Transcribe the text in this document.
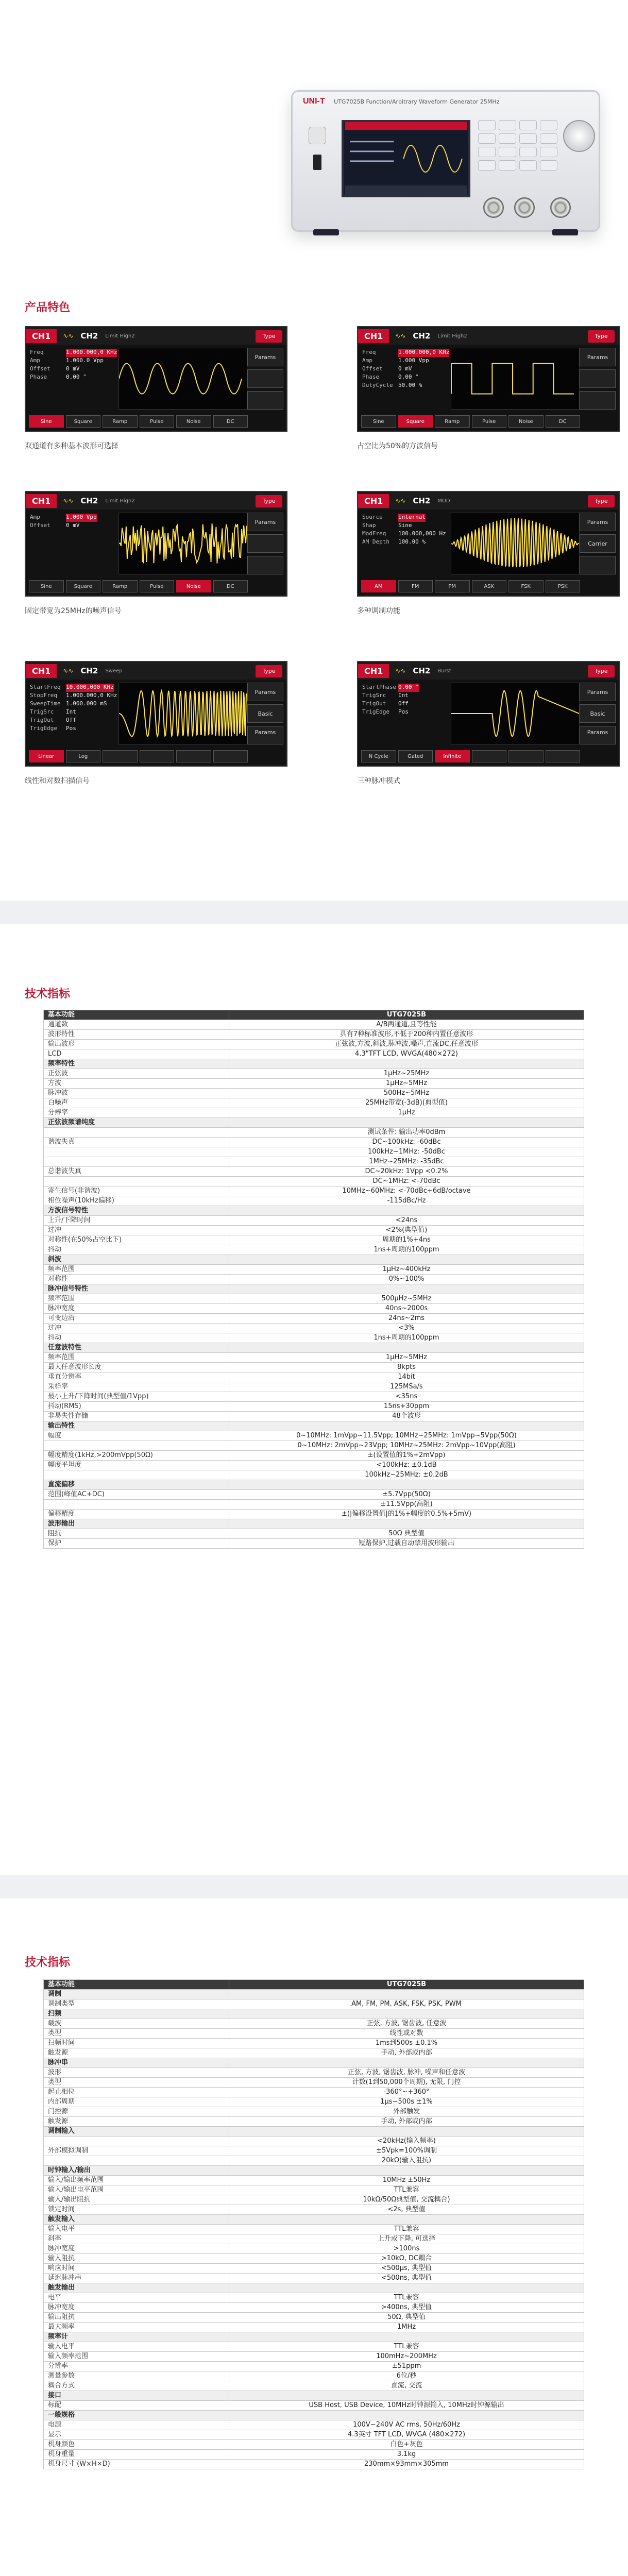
UNI-T UTG7025B Function/Arbitrary Waveform Generator 25MHz
产品特色
CH1	∿∿ CH2 Limit High2	Type
Params
Freq	1.000.000,0 KHz
Amp	1.000.0 Vpp
Offset	0 mV
Phase	0.00 °
Sine	Square	Ramp	Pulse	Noise	DC
双通道有多种基本波形可选择
CH1	∿∿ CH2 Limit High2	Type
Params
Freq	1.000.000,0 KHz
Amp	1.000 Vpp
Offset	0 mV
Phase	0.00 °
DutyCycle 50.00 %
Sine	Square	Ramp	Pulse	Noise	DC
占空比为50%的方波信号
CH1	∿∿ CH2 Limit High2	Type
Params
Amp	1.000 Vpp
Offset	0 mV
Sine	Square	Ramp	Pulse	Noise	DC
固定带宽为25MHz的噪声信号
CH1	∿∿ CH2 MOD	Type
Params
Carrier
Source	Internal
Shap	Sine
ModFreq	100.000,000 Hz
AM Depth	100.00 %
AM	FM	PM	ASK	FSK	PSK
多种调制功能
CH1	∿∿ CH2 Sweep	Type
Params
Basic Params
StartFreq 10.000,000 KHz
StopFreq	1.000.000,0 KHz
SweepTime 1.000.000 mS
TrigSrc	Int
TrigOut	Off
TrigEdge	Pos
Linear	Log
线性和对数扫描信号
CH1	∿∿ CH2 Burst	Type
Params
Basic Params
StartPhase 0.00 °
TrigSrc	Int
TrigOut	Off
TrigEdge	Pos
N Cycle	Gated	Infinite
三种脉冲模式
技术指标
基本功能	UTG7025B
通道数	A/B两通道,且等性能
波形特性	具有7种标准波形,不低于200种内置任意波形
输出波形	正弦波,方波,斜波,脉冲波,噪声,直流DC,任意波形
LCD	4.3"TFT LCD, WVGA(480×272)
频率特性	
正弦波	1μHz~25MHz
方波	1μHz~5MHz
脉冲波	500Hz~5MHz
白噪声	25MHz带宽(-3dB)(典型值)
分辨率	1μHz
正弦波频谱纯度	
	测试条件: 输出功率0dBm
谐波失真	DC~100kHz: -60dBc
	100kHz~1MHz: -50dBc
	1MHz~25MHz: -35dBc
总谐波失真	DC~20kHz: 1Vpp <0.2%
	DC~1MHz: <-70dBc
寄生信号(非谐波)	10MHz~60MHz: <-70dBc+6dB/octave
相位噪声(10kHz偏移)	-115dBc/Hz
方波信号特性	
上升/下降时间	<24ns
过冲	<2%(典型值)
对称性(在50%占空比下)	周期的1%+4ns
抖动	1ns+周期的100ppm
斜波	
频率范围	1μHz~400kHz
对称性	0%~100%
脉冲信号特性	
频率范围	500μHz~5MHz
脉冲宽度	40ns~2000s
可变边沿	24ns~2ms
过冲	<3%
抖动	1ns+周期的100ppm
任意波特性	
频率范围	1μHz~5MHz
最大任意波形长度	8kpts
垂直分辨率	14bit
采样率	125MSa/s
最小上升/下降时间(典型值/1Vpp)	<35ns
抖动(RMS)	15ns+30ppm
非易失性存储	48个波形
输出特性	
幅度	0~10MHz: 1mVpp~11.5Vpp; 10MHz~25MHz: 1mVpp~5Vpp(50Ω)
	0~10MHz: 2mVpp~23Vpp; 10MHz~25MHz: 2mVpp~10Vpp(高阻)
幅度精度(1kHz,>200mVpp(50Ω)	±(设置值的1%+2mVpp)
幅度平坦度	<100kHz: ±0.1dB
	100kHz~25MHz: ±0.2dB
直流偏移	
范围(峰值AC+DC)	±5.7Vpp(50Ω)
	±11.5Vpp(高阻)
偏移精度	±(|偏移设置值|的1%+幅度的0.5%+5mV)
波形输出	
阻抗	50Ω 典型值
保护	短路保护,过载自动禁用波形输出
技术指标
基本功能	UTG7025B
调制	
调制类型	AM, FM, PM, ASK, FSK, PSK, PWM
扫频	
载波	正弦, 方波, 锯齿波, 任意波
类型	线性或对数
扫频时间	1ms到500s ±0.1%
触发源	手动, 外部或内部
脉冲串	
波形	正弦, 方波, 锯齿波, 脉冲, 噪声和任意波
类型	计数(1到50,000个周期), 无限, 门控
起止相位	-360°~+360°
内部周期	1μs~500s ±1%
门控源	外部触发
触发源	手动, 外部或内部
调制输入	
	<20kHz(输入频率)
外部模拟调制	±5Vpk=100%调制
	20kΩ(输入阻抗)
时钟输入/输出	
输入/输出频率范围	10MHz ±50Hz
输入/输出电平范围	TTL兼容
输入/输出阻抗	10kΩ/50Ω典型值, 交流耦合)
锁定时间	<2s, 典型值
触发输入	
输入电平	TTL兼容
斜率	上升或下降, 可选择
脉冲宽度	>100ns
输入阻抗	>10kΩ, DC耦合
响应时间	<500μs, 典型值
延迟脉冲串	<500ns, 典型值
触发输出	
电平	TTL兼容
脉冲宽度	>400ns, 典型值
输出阻抗	50Ω, 典型值
最大频率	1MHz
频率计	
输入电平	TTL兼容
输入频率范围	100mHz~200MHz
分辨率	±51ppm
测量参数	6位/秒
耦合方式	直流, 交流
接口	
标配	USB Host, USB Device, 10MHz时钟源输入, 10MHz时钟源输出
一般规格	
电源	100V~240V AC rms, 50Hz/60Hz
显示	4.3英寸 TFT LCD, WVGA (480×272)
机身颜色	白色+灰色
机身重量	3.1kg
机身尺寸 (W×H×D)	230mm×93mm×305mm
